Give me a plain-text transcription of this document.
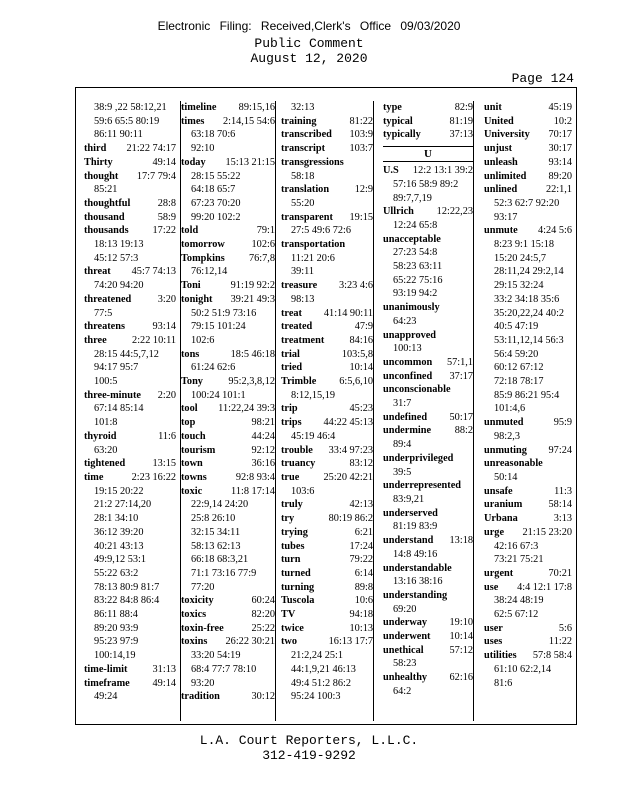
Electronic Filing: Received,Clerk's Office 09/03/2020
Public Comment
August 12, 2020
Page 124
38:9 ,22 58:12,21
59:6 65:5 80:19
86:11 90:11
third 21:22 74:17
Thirty	49:14
thought 17:7 79:4
85:21
thoughtful	28:8
thousand	58:9
thousands 17:22
18:13 19:13
45:12 57:3
threat 45:7 74:13
74:20 94:20
threatened	3:20
77:5
threatens	93:14
three 2:22 10:11
28:15 44:5,7,12
94:17 95:7
100:5
three-minute 2:20
67:14 85:14
101:8
thyroid	11:6
63:20
tightened	13:15
time	2:23 16:22
19:15 20:22
21:2 27:14,20
28:1 34:10
36:12 39:20
40:21 43:13
49:9,12 53:1
55:22 63:2
78:13 80:9 81:7
83:22 84:8 86:4
86:11 88:4
89:20 93:9
95:23 97:9
100:14,19
time-limit 31:13
timeframe 49:14
49:24
timeline 89:15,16
times 2:14,15 54:6
63:18 70:6
92:10
today 15:13 21:15
28:15 55:22
64:18 65:7
67:23 70:20
99:20 102:2
told	79:1
tomorrow	102:6
Tompkins 76:7,8
76:12,14
Toni	91:19 92:2
tonight 39:21 49:3
50:2 51:9 73:16
79:15 101:24
102:6
tons	18:5 46:18
61:24 62:6
Tony 95:2,3,8,12
100:24 101:1
tool 11:22,24 39:3
top	98:21
touch	44:24
tourism	92:12
town	36:16
towns	92:8 93:4
toxic	11:8 17:14
22:9,14 24:20
25:8 26:10
32:15 34:11
58:13 62:13
66:18 68:3,21
71:1 73:16 77:9
77:20
toxicity	60:24
toxics	82:20
toxin-free	25:22
toxins 26:22 30:21
33:20 54:19
68:4 77:7 78:10
93:20
tradition	30:12
32:13
training	81:22
transcribed 103:9
transcript 103:7
transgressions
58:18
translation 12:9
55:20
transparent 19:15
27:5 49:6 72:6
transportation
11:21 20:6
39:11
treasure 3:23 4:6
98:13
treat 41:14 90:11
treated	47:9
treatment 84:16
trial	103:5,8
tried	10:14
Trimble 6:5,6,10
8:12,15,19
trip	45:23
trips 44:22 45:13
45:19 46:4
trouble 33:4 97:23
truancy	83:12
true 25:20 42:21
103:6
truly	42:13
try	80:19 86:2
trying	6:21
tubes	17:24
turn	79:22
turned	6:14
turning	89:8
Tuscola	10:6
TV	94:18
twice	10:13
two	16:13 17:7
21:2,24 25:1
44:1,9,21 46:13
49:4 51:2 86:2
95:24 100:3
type	82:9
typical	81:19
typically	37:13
U
U.S 12:2 13:1 39:2
57:16 58:9 89:2
89:7,7,19
Ullrich 12:22,23
12:24 65:8
unacceptable
27:23 54:8
58:23 63:11
65:22 75:16
93:19 94:2
unanimously
64:23
unapproved
100:13
uncommon 57:1,1
unconfined 37:17
unconscionable
31:7
undefined 50:17
undermine 88:2
89:4
underprivileged
39:5
underrepresented
83:9,21
underserved
81:19 83:9
understand 13:18
14:8 49:16
understandable
13:16 38:16
understanding
69:20
underway 19:10
underwent 10:14
unethical	57:12
58:23
unhealthy 62:16
64:2
unit	45:19
United	10:2
University 70:17
unjust	30:17
unleash	93:14
unlimited 89:20
unlined	22:1,1
52:3 62:7 92:20
93:17
unmute 4:24 5:6
8:23 9:1 15:18
15:20 24:5,7
28:11,24 29:2,14
29:15 32:24
33:2 34:18 35:6
35:20,22,24 40:2
40:5 47:19
53:11,12,14 56:3
56:4 59:20
60:12 67:12
72:18 78:17
85:9 86:21 95:4
101:4,6
unmuted	95:9
98:2,3
unmuting 97:24
unreasonable
50:14
unsafe	11:3
uranium	58:14
Urbana	3:13
urge 21:15 23:20
42:16 67:3
73:21 75:21
urgent	70:21
use 4:4 12:1 17:8
38:24 48:19
62:5 67:12
user	5:6
uses	11:22
utilities 57:8 58:4
61:10 62:2,14
81:6
L.A. Court Reporters, L.L.C.
312-419-9292
